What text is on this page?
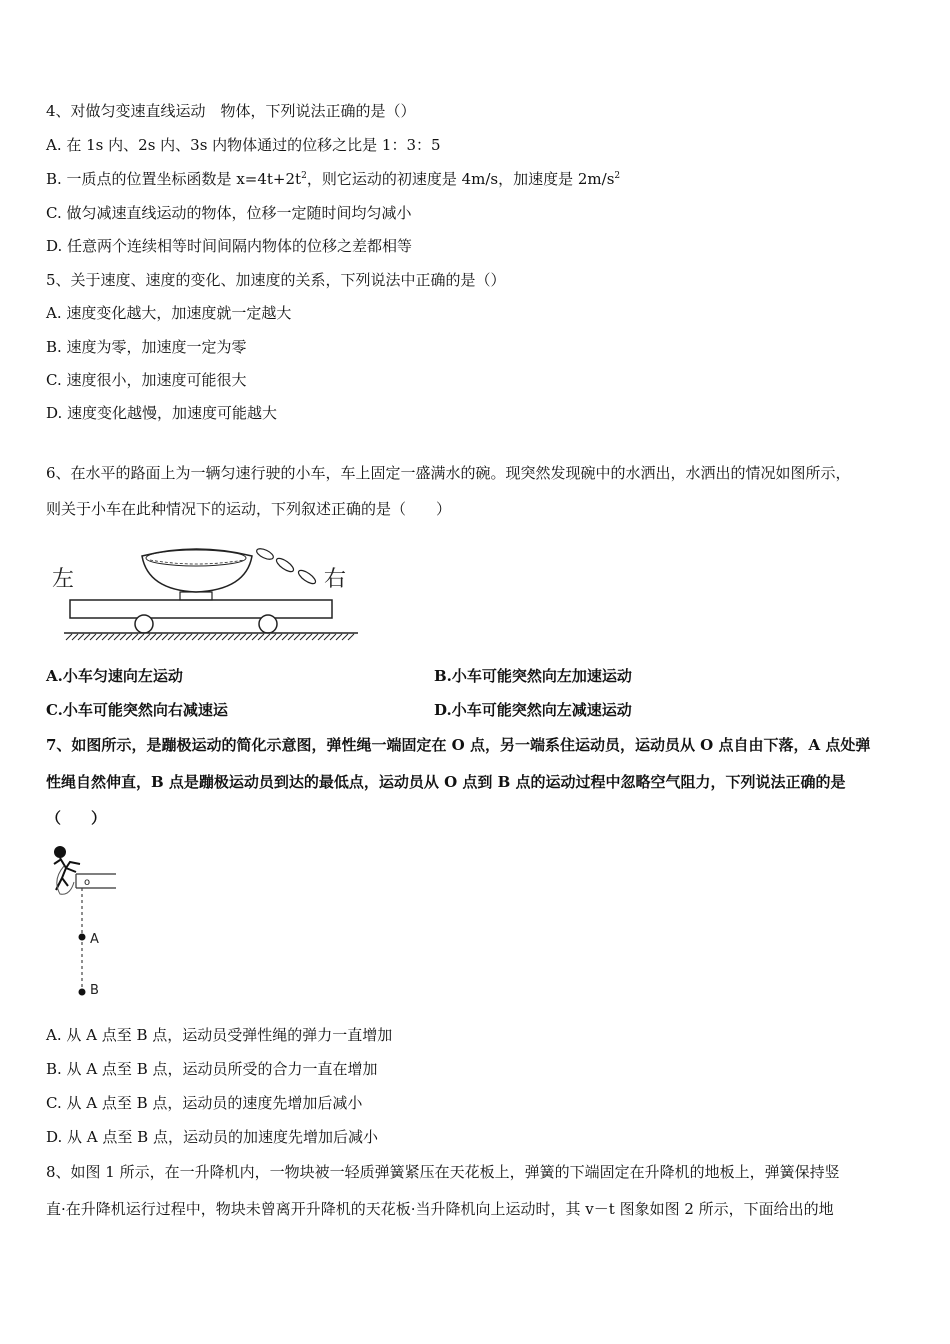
4、对做匀变速直线运动　物体，下列说法正确的是（）
A. 在 1s 内、2s 内、3s 内物体通过的位移之比是 1：3：5
B. 一质点的位置坐标函数是 $x=4t+2t^2$，则它运动的初速度是 4m/s，加速度是 $2m/s^2$
C. 做匀减速直线运动的物体，位移一定随时间均匀减小
D. 任意两个连续相等时间间隔内物体的位移之差都相等
5、关于速度、速度的变化、加速度的关系，下列说法中正确的是（）
A. 速度变化越大，加速度就一定越大
B. 速度为零，加速度一定为零
C. 速度很小，加速度可能很大
D. 速度变化越慢，加速度可能越大
6、在水平的路面上为一辆匀速行驶的小车，车上固定一盛满水的碗。现突然发现碗中的水洒出，水洒出的情况如图所示，
则关于小车在此种情况下的运动，下列叙述正确的是（　　）
左	右
A.小车匀速向左运动	B.小车可能突然向左加速运动
C.小车可能突然向右减速运	D.小车可能突然向左减速运动
7、如图所示，是蹦极运动的简化示意图，弹性绳一端固定在 O 点，另一端系住运动员，运动员从 O 点自由下落，A 点处弹
性绳自然伸直，B 点是蹦极运动员到达的最低点，运动员从 O 点到 B 点的运动过程中忽略空气阻力，下列说法正确的是
（　　）
o
A
B
A. 从 A 点至 B 点，运动员受弹性绳的弹力一直增加
B. 从 A 点至 B 点，运动员所受的合力一直在增加
C. 从 A 点至 B 点，运动员的速度先增加后减小
D. 从 A 点至 B 点，运动员的加速度先增加后减小
8、如图 1 所示，在一升降机内，一物块被一轻质弹簧紧压在天花板上，弹簧的下端固定在升降机的地板上，弹簧保持竖
直·在升降机运行过程中，物块未曾离开升降机的天花板·当升降机向上运动时，其 v－t 图象如图 2 所示，下面给出的地
